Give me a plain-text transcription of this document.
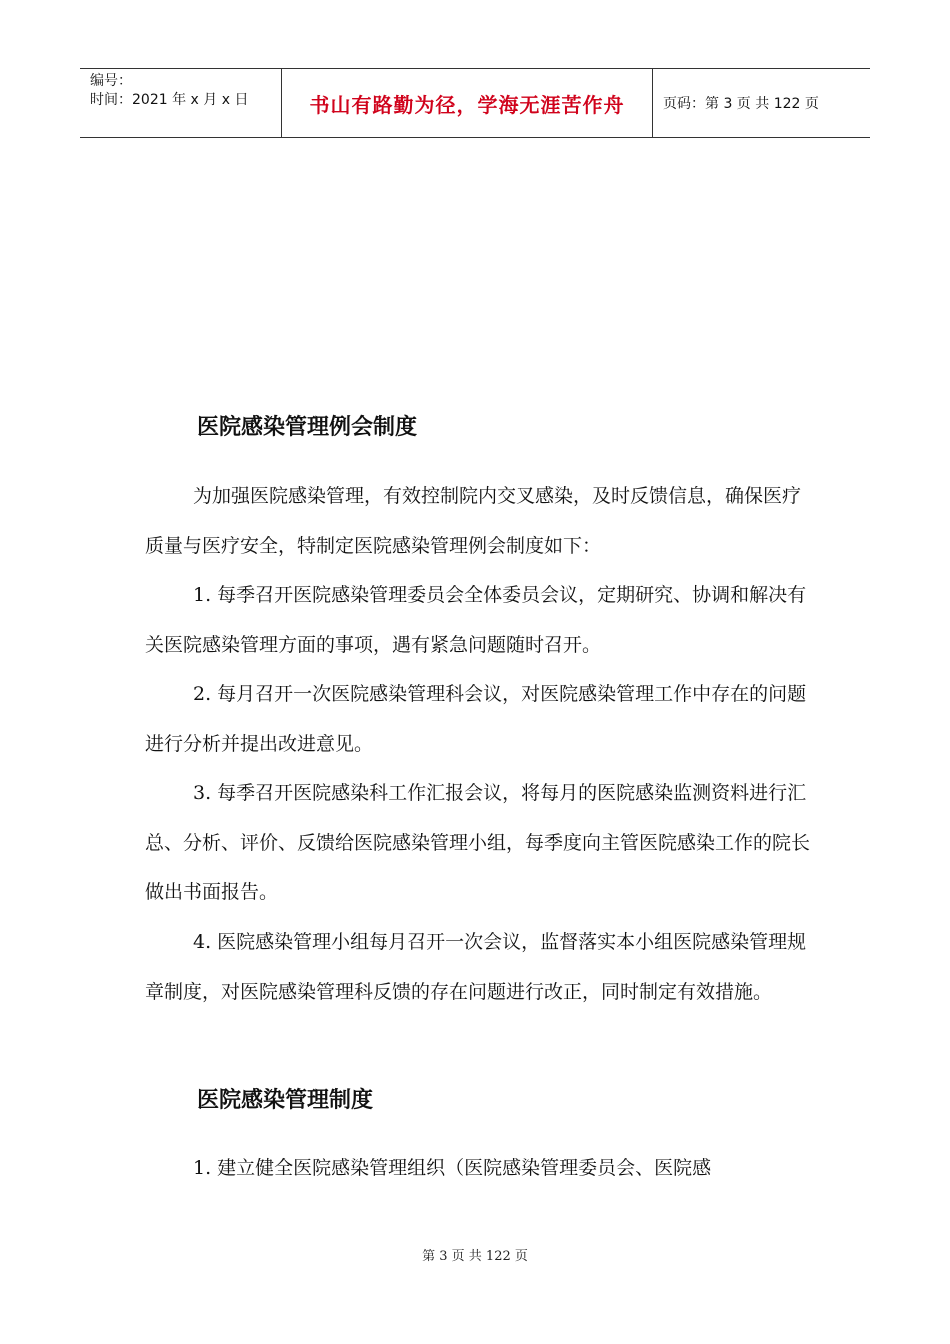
编号：
时间：2021 年 x 月 x 日	书山有路勤为径，学海无涯苦作舟	页码：第 3 页 共 122 页
医院感染管理例会制度

为加强医院感染管理，有效控制院内交叉感染，及时反馈信息，确保医疗质量与医疗安全，特制定医院感染管理例会制度如下：

1. 每季召开医院感染管理委员会全体委员会议，定期研究、协调和解决有关医院感染管理方面的事项，遇有紧急问题随时召开。

2. 每月召开一次医院感染管理科会议，对医院感染管理工作中存在的问题进行分析并提出改进意见。

3. 每季召开医院感染科工作汇报会议，将每月的医院感染监测资料进行汇总、分析、评价、反馈给医院感染管理小组，每季度向主管医院感染工作的院长做出书面报告。

4. 医院感染管理小组每月召开一次会议，监督落实本小组医院感染管理规章制度，对医院感染管理科反馈的存在问题进行改正，同时制定有效措施。

医院感染管理制度

1. 建立健全医院感染管理组织（医院感染管理委员会、医院感

第 3 页 共 122 页
